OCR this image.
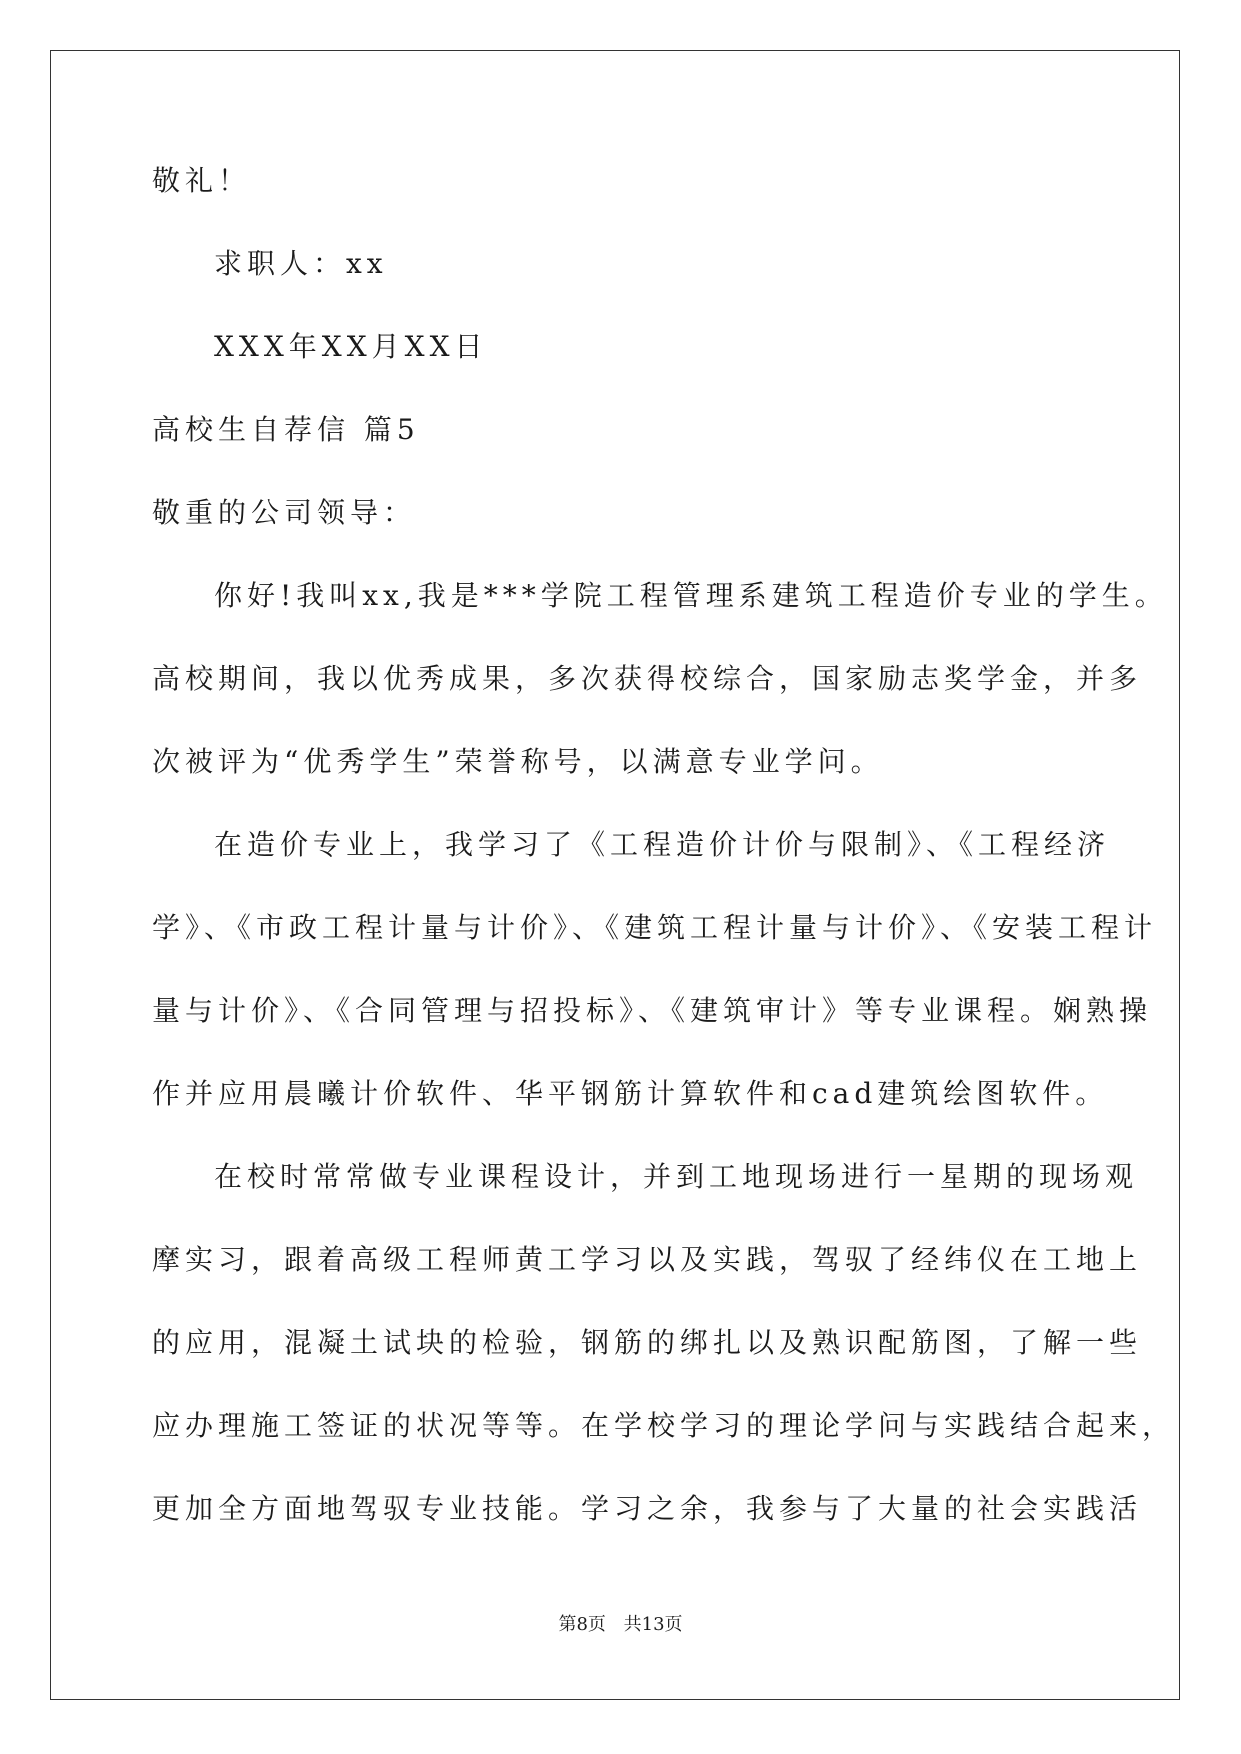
敬礼！

求职人：xx

XXX年XX月XX日

高校生自荐信 篇5

敬重的公司领导：

你好!我叫xx,我是***学院工程管理系建筑工程造价专业的学生。

高校期间，我以优秀成果，多次获得校综合，国家励志奖学金，并多

次被评为“优秀学生”荣誉称号，以满意专业学问。

在造价专业上，我学习了《工程造价计价与限制》、《工程经济

学》、《市政工程计量与计价》、《建筑工程计量与计价》、《安装工程计

量与计价》、《合同管理与招投标》、《建筑审计》等专业课程。娴熟操

作并应用晨曦计价软件、华平钢筋计算软件和cad建筑绘图软件。

在校时常常做专业课程设计，并到工地现场进行一星期的现场观

摩实习，跟着高级工程师黄工学习以及实践，驾驭了经纬仪在工地上

的应用，混凝土试块的检验，钢筋的绑扎以及熟识配筋图，了解一些

应办理施工签证的状况等等。在学校学习的理论学问与实践结合起来，

更加全方面地驾驭专业技能。学习之余，我参与了大量的社会实践活

第8页 共13页
